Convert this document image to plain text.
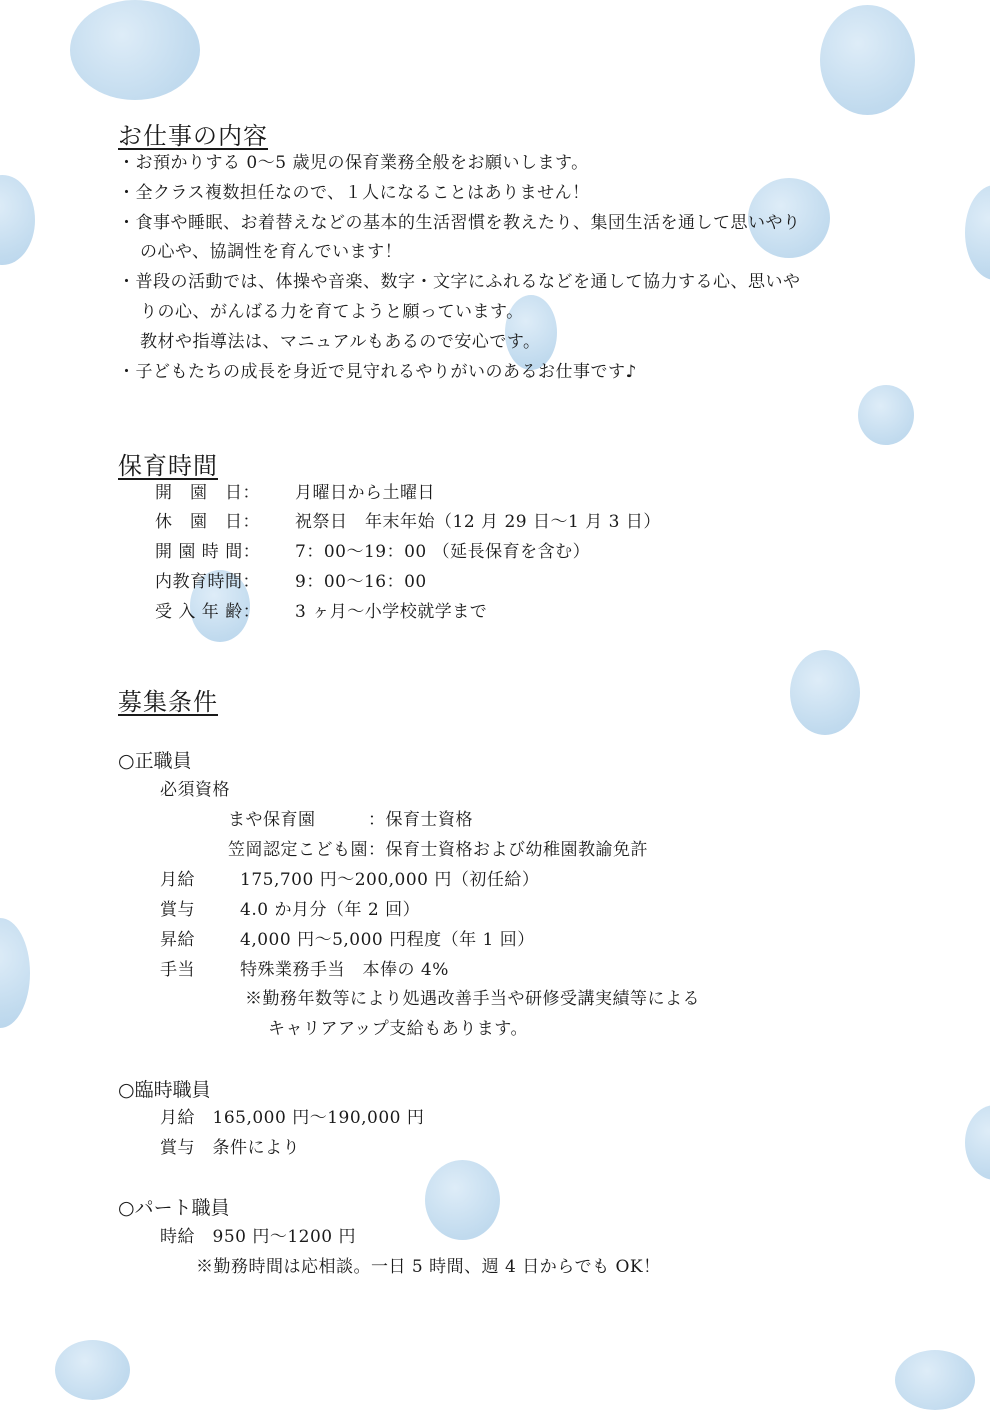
お仕事の内容
・お預かりする 0～5 歳児の保育業務全般をお願いします。
・全クラス複数担任なので、１人になることはありません！
・食事や睡眠、お着替えなどの基本的生活習慣を教えたり、集団生活を通して思いやり
の心や、協調性を育んでいます！
・普段の活動では、体操や音楽、数字・文字にふれるなどを通して協力する心、思いや
りの心、がんばる力を育てようと願っています。
教材や指導法は、マニュアルもあるので安心です。
・子どもたちの成長を身近で見守れるやりがいのあるお仕事です♪
保育時間
開　園　日： 月曜日から土曜日
休　園　日： 祝祭日　年末年始（12 月 29 日～1 月 3 日）
開 園 時 間： 7：00～19：00 （延長保育を含む）
内教育時間： 9：00～16：00
受 入 年 齢： 3 ヶ月～小学校就学まで
募集条件
○正職員
必須資格
まや保育園　　　：保育士資格
笠岡認定こども園：保育士資格および幼稚園教諭免許
月給	175,700 円～200,000 円（初任給）
賞与	4.0 か月分（年 2 回）
昇給	4,000 円～5,000 円程度（年 1 回）
手当	特殊業務手当　本俸の 4%
※勤務年数等により処遇改善手当や研修受講実績等による
キャリアアップ支給もあります。
○臨時職員
月給　165,000 円～190,000 円
賞与　条件により
○パート職員
時給　950 円～1200 円
※勤務時間は応相談。一日 5 時間、週 4 日からでも OK！
